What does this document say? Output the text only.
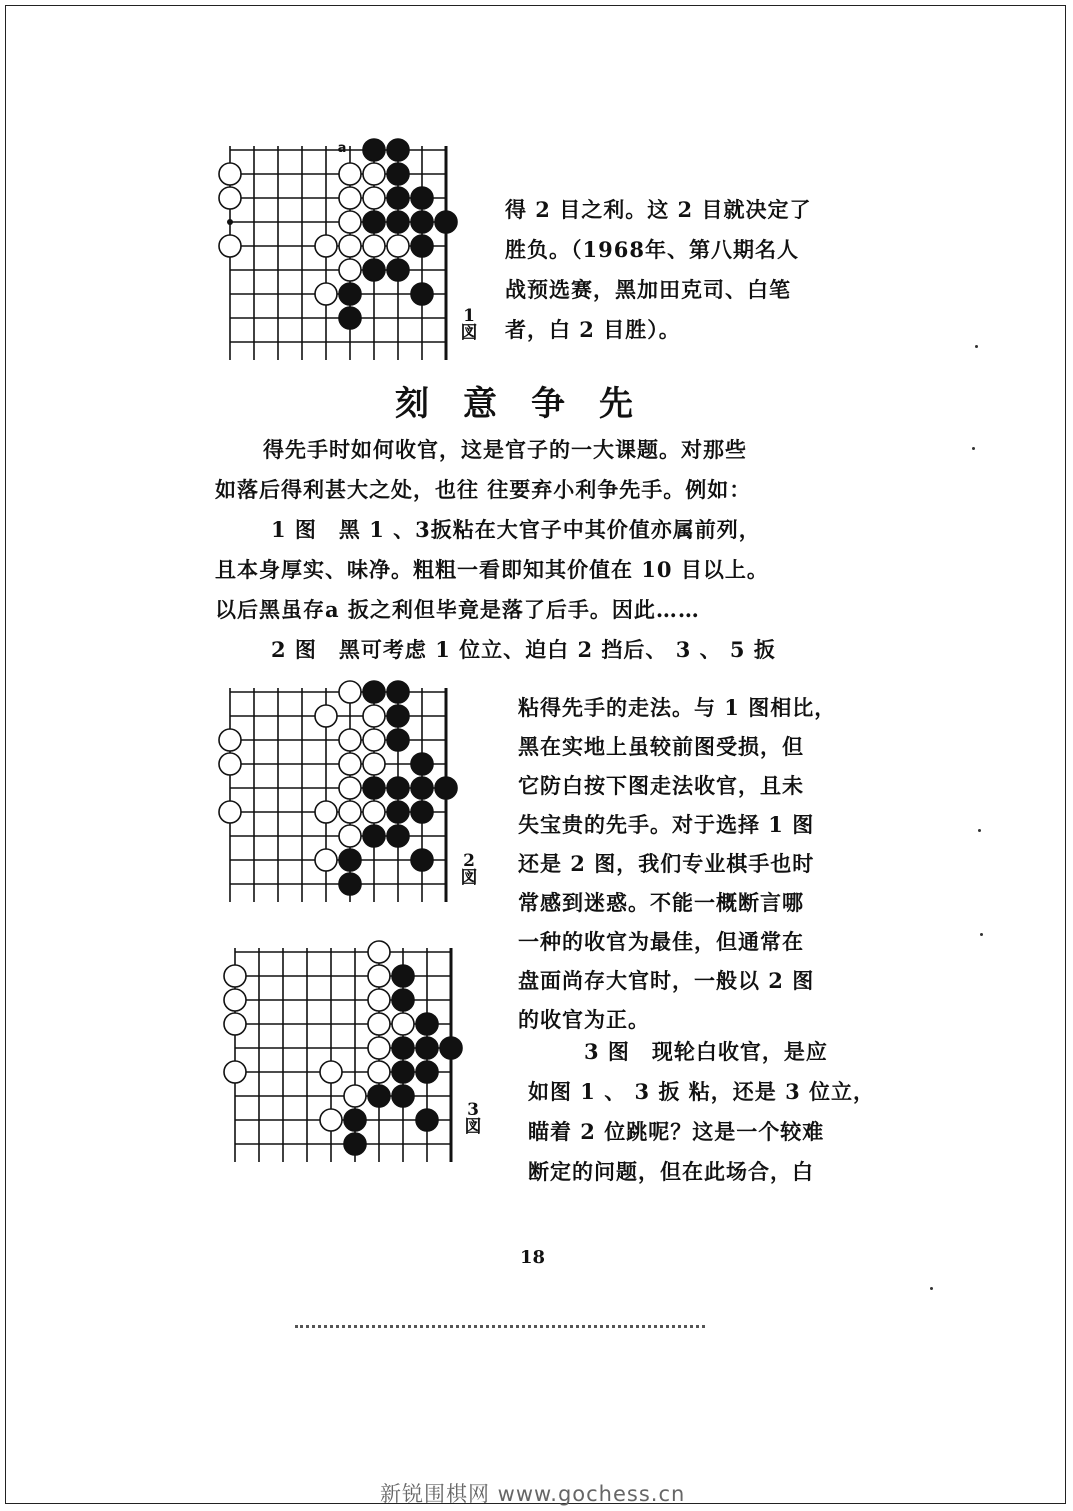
a
1
図
得 2 目之利。这 2 目就决定了
胜负。（1968年、第八期名人
战预选赛，黑加田克司、白笔
者，白 2 目胜）。
刻意争先
得先手时如何收官，这是官子的一大课题。对那些
如落后得利甚大之处，也往 往要弃小利争先手。例如：
1 图　黑 1 、3扳粘在大官子中其价值亦属前列，
且本身厚实、味净。粗粗一看即知其价值在 10 目以上。
以后黑虽存a 扳之利但毕竟是落了后手。因此……
2 图　黑可考虑 1 位立、迫白 2 挡后、 3 、 5 扳
2
図
3
図
粘得先手的走法。与 1 图相比，
黑在实地上虽较前图受损，但
它防白按下图走法收官，且未
失宝贵的先手。对于选择 1 图
还是 2 图，我们专业棋手也时
常感到迷惑。不能一概断言哪
一种的收官为最佳，但通常在
盘面尚存大官时，一般以 2 图
的收官为正。
3 图　现轮白收官，是应
如图 1 、 3 扳 粘，还是 3 位立，
瞄着 2 位跳呢？这是一个较难
断定的问题，但在此场合，白
18
新锐围棋网 www.gochess.cn
